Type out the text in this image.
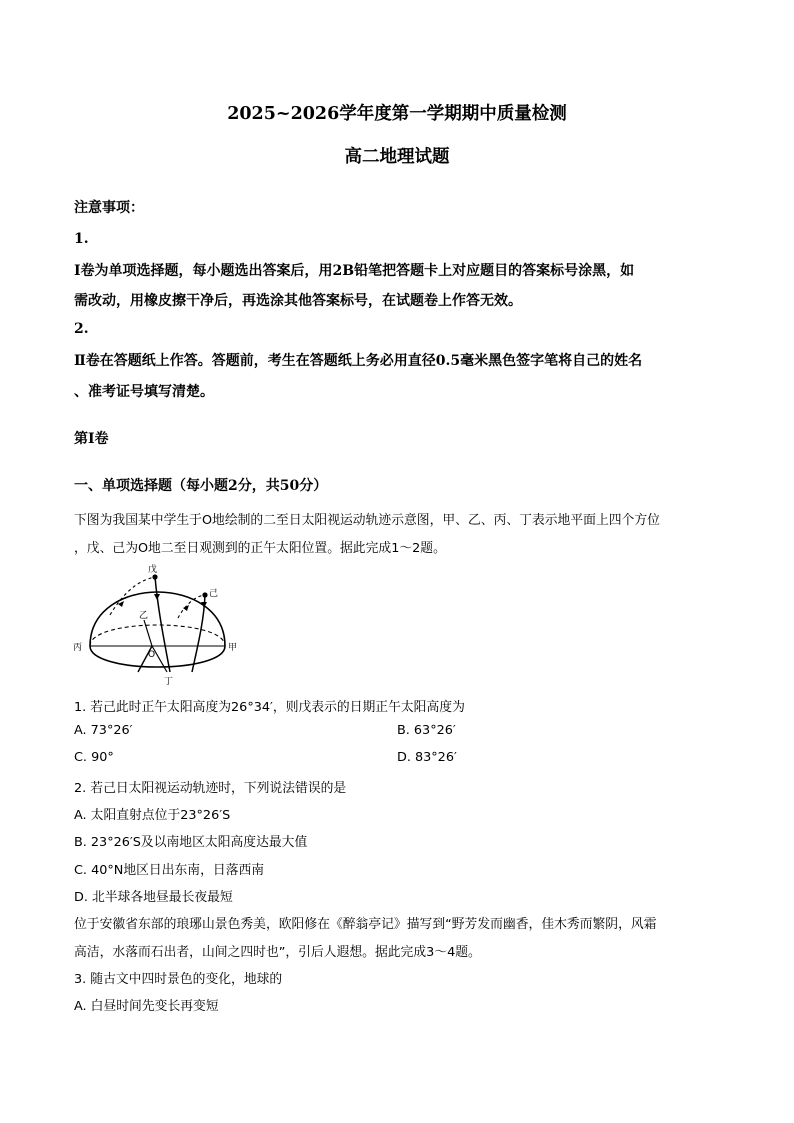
2025~2026学年度第一学期期中质量检测
高二地理试题
注意事项：
1.
Ⅰ卷为单项选择题，每小题选出答案后，用2B铅笔把答题卡上对应题目的答案标号涂黑，如
需改动，用橡皮擦干净后，再选涂其他答案标号，在试题卷上作答无效。
2.
Ⅱ卷在答题纸上作答。答题前，考生在答题纸上务必用直径0.5毫米黑色签字笔将自己的姓名
、准考证号填写清楚。
第Ⅰ卷
一、单项选择题（每小题2分，共50分）
下图为我国某中学生于O地绘制的二至日太阳视运动轨迹示意图，甲、乙、丙、丁表示地平面上四个方位
，戊、己为O地二至日观测到的正午太阳位置。据此完成1～2题。
戊
己
乙
丙	甲
O
丁
1. 若己此时正午太阳高度为26°34′，则戊表示的日期正午太阳高度为
A. 73°26′	B. 63°26′
C. 90°	D. 83°26′
2. 若己日太阳视运动轨迹时，下列说法错误的是
A. 太阳直射点位于23°26′S
B. 23°26′S及以南地区太阳高度达最大值
C. 40°N地区日出东南，日落西南
D. 北半球各地昼最长夜最短
位于安徽省东部的琅琊山景色秀美，欧阳修在《醉翁亭记》描写到“野芳发而幽香，佳木秀而繁阴，风霜
高洁，水落而石出者，山间之四时也”，引后人遐想。据此完成3～4题。
3. 随古文中四时景色的变化，地球的
A. 白昼时间先变长再变短
